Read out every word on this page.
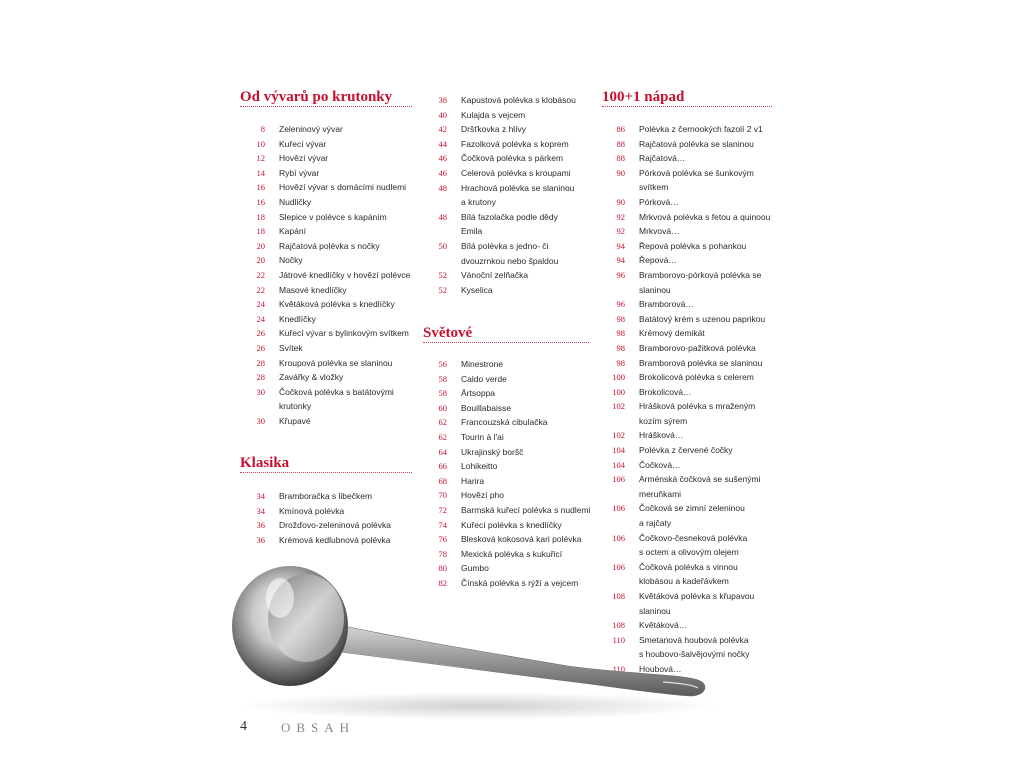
Od vývarů po krutonky
8	Zeleninový vývar
10	Kuřecí vývar
12	Hovězí vývar
14	Rybí vývar
16	Hovězí vývar s domácími nudlemi
16	Nudličky
18	Slepice v polévce s kapáním
18	Kapání
20	Rajčatová polévka s nočky
20	Nočky
22	Játrové knedlíčky v hovězí polévce
22	Masové knedlíčky
24	Květáková polévka s knedlíčky
24	Knedlíčky
26	Kuřecí vývar s bylinkovým svítkem
26	Svítek
28	Kroupová polévka se slaninou
28	Zavářky & vložky
30	Čočková polévka s batátovými
krutonky
30	Křupavé
Klasika
34	Bramboračka s libečkem
34	Kmínová polévka
36	Drožďovo-zeleninová polévka
36	Krémová kedlubnová polévka
38	Kapustová polévka s klobásou
40	Kulajda s vejcem
42	Dršťkovka z hlívy
44	Fazolková polévka s koprem
46	Čočková polévka s párkem
46	Celerová polévka s kroupami
48	Hrachová polévka se slaninou
a krutony
48	Bílá fazolačka podle dědy
Emila
50	Bílá polévka s jedno- či
dvouzrnkou nebo špaldou
52	Vánoční zelňačka
52	Kyselica
Světové
56	Minestrone
58	Caldo verde
58	Ärtsoppa
60	Bouillabaisse
62	Francouzská cibulačka
62	Tourin à l'ai
64	Ukrajinský boršč
66	Lohikeitto
68	Harira
70	Hovězí pho
72	Barmská kuřecí polévka s nudlemi
74	Kuřecí polévka s knedlíčky
76	Blesková kokosová kari polévka
78	Mexická polévka s kukuřicí
80	Gumbo
82	Čínská polévka s rýží a vejcem
100+1 nápad
86	Polévka z černookých fazolí 2 v1
88	Rajčatová polévka se slaninou
88	Rajčatová…
90	Pórková polévka se šunkovým
svítkem
90	Pórková…
92	Mrkvová polévka s fetou a quinoou
92	Mrkvová…
94	Řepová polévka s pohankou
94	Řepová…
96	Bramborovo-pórková polévka se
slaninou
96	Bramborová…
98	Batátový krém s uzenou paprikou
98	Krémový demikát
98	Bramborovo-pažitková polévka
98	Bramborová polévka se slaninou
100	Brokolicová polévka s celerem
100	Brokolicová…
102	Hrášková polévka s mraženým
kozím sýrem
102	Hrášková…
104	Polévka z červené čočky
104	Čočková…
106	Arménská čočková se sušenými
meruňkami
106	Čočková se zimní zeleninou
a rajčaty
106	Čočkovo-česneková polévka
s octem a olivovým olejem
106	Čočková polévka s vinnou
klobásou a kadeřávkem
108	Květáková polévka s křupavou
slaninou
108	Květáková…
110	Smetanová houbová polévka
s houbovo-šalvějovými nočky
110	Houbová…
4	OBSAH
